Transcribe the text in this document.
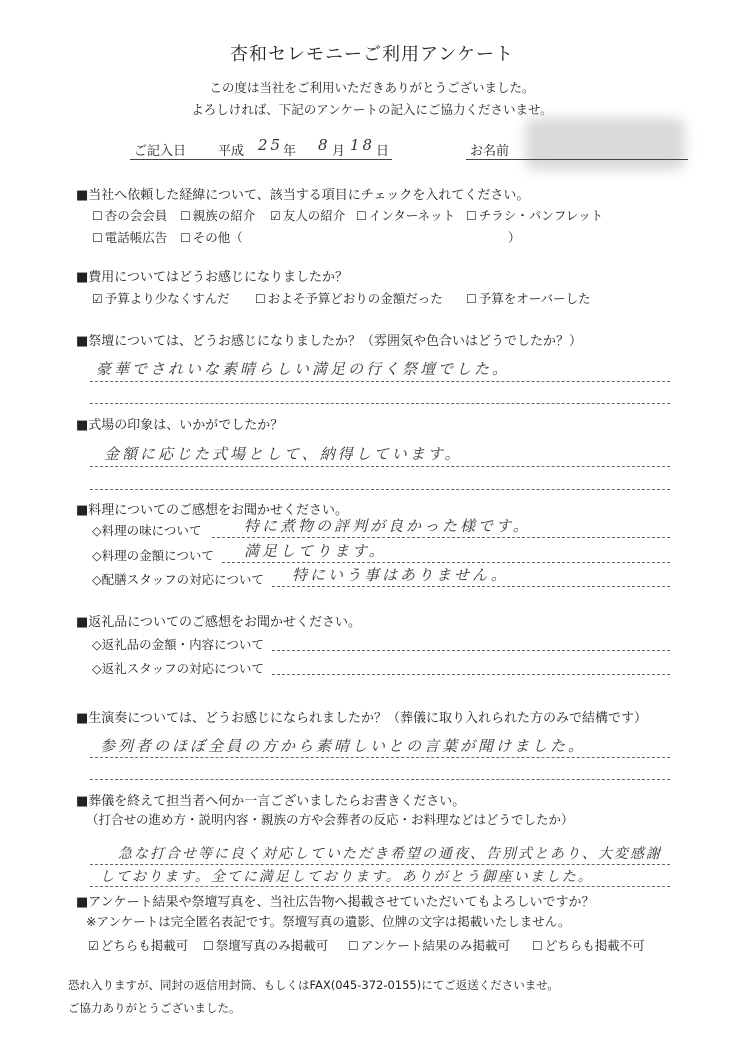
杏和セレモニーご利用アンケート
この度は当社をご利用いただきありがとうございました。
よろしければ、下記のアンケートの記入にご協力くださいませ。
ご記入日 平成 25 年 8 月 18 日	お名前
■当社へ依頼した経緯について、該当する項目にチェックを入れてください。
☐ 杏の会会員 ☐ 親族の紹介 ☑ 友人の紹介 ☐ インターネット ☐ チラシ・パンフレット
☐ 電話帳広告 ☐ その他（	）
■費用についてはどうお感じになりましたか？
☑ 予算より少なくすんだ ☐ およそ予算どおりの金額だった ☐ 予算をオーバーした
■祭壇については、どうお感じになりましたか？（雰囲気や色合いはどうでしたか？）
豪華でされいな素晴らしい満足の行く祭壇でした。
■式場の印象は、いかがでしたか？
金額に応じた式場として、納得しています。
■料理についてのご感想をお聞かせください。
◇料理の味について	特に煮物の評判が良かった様です。
◇料理の金額について 満足してります。
◇配膳スタッフの対応について 特にいう事はありません。
■返礼品についてのご感想をお聞かせください。
◇返礼品の金額・内容について
◇返礼スタッフの対応について
■生演奏については、どうお感じになられましたか？（葬儀に取り入れられた方のみで結構です）
参列者のほぼ全員の方から素晴しいとの言葉が聞けました。
■葬儀を終えて担当者へ何か一言ございましたらお書きください。
（打合せの進め方・説明内容・親族の方や会葬者の反応・お料理などはどうでしたか）
急な打合せ等に良く対応していただき希望の通夜、告別式とあり、大変感謝
しております。全てに満足しております。ありがとう御座いました。
■アンケート結果や祭壇写真を、当社広告物へ掲載させていただいてもよろしいですか？
※アンケートは完全匿名表記です。祭壇写真の遺影、位牌の文字は掲載いたしません。
☑ どちらも掲載可 ☐ 祭壇写真のみ掲載可 ☐ アンケート結果のみ掲載可 ☐ どちらも掲載不可
恐れ入りますが、同封の返信用封筒、もしくはFAX(045-372-0155)にてご返送くださいませ。
ご協力ありがとうございました。
